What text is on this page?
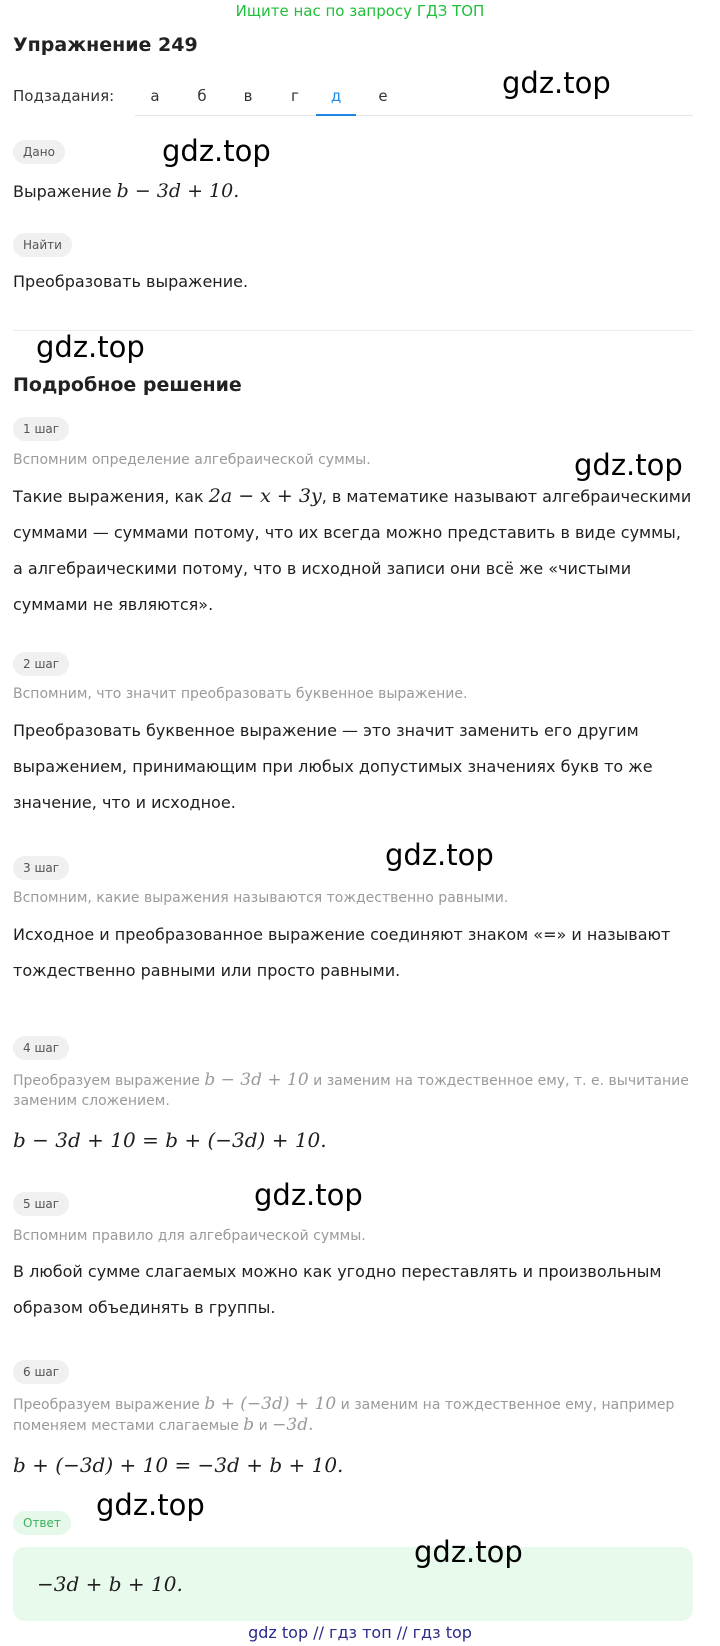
Ищите нас по запросу ГДЗ ТОП
Упражнение 249
Подзадания:	а	б	в	г	д	е
Дано
Выражение b − 3d + 10.
Найти
Преобразовать выражение.
Подробное решение
1 шаг
Вспомним определение алгебраической суммы.
Такие выражения, как 2a − x + 3y, в математике называют алгебраическими
суммами — суммами потому, что их всегда можно представить в виде суммы,
а алгебраическими потому, что в исходной записи они всё же «чистыми
суммами не являются».
2 шаг
Вспомним, что значит преобразовать буквенное выражение.
Преобразовать буквенное выражение — это значит заменить его другим
выражением, принимающим при любых допустимых значениях букв то же
значение, что и исходное.
3 шаг
Вспомним, какие выражения называются тождественно равными.
Исходное и преобразованное выражение соединяют знаком «=» и называют
тождественно равными или просто равными.
4 шаг
Преобразуем выражение b − 3d + 10 и заменим на тождественное ему, т. е. вычитание
заменим сложением.
b − 3d + 10 = b + (−3d) + 10.
5 шаг
Вспомним правило для алгебраической суммы.
В любой сумме слагаемых можно как угодно переставлять и произвольным
образом объединять в группы.
6 шаг
Преобразуем выражение b + (−3d) + 10 и заменим на тождественное ему, например
поменяем местами слагаемые b и −3d.
b + (−3d) + 10 = −3d + b + 10.
Ответ
−3d + b + 10.
gdz.top
gdz.top
gdz.top
gdz.top
gdz.top
gdz.top
gdz.top
gdz.top
gdz top // гдз топ // гдз top
